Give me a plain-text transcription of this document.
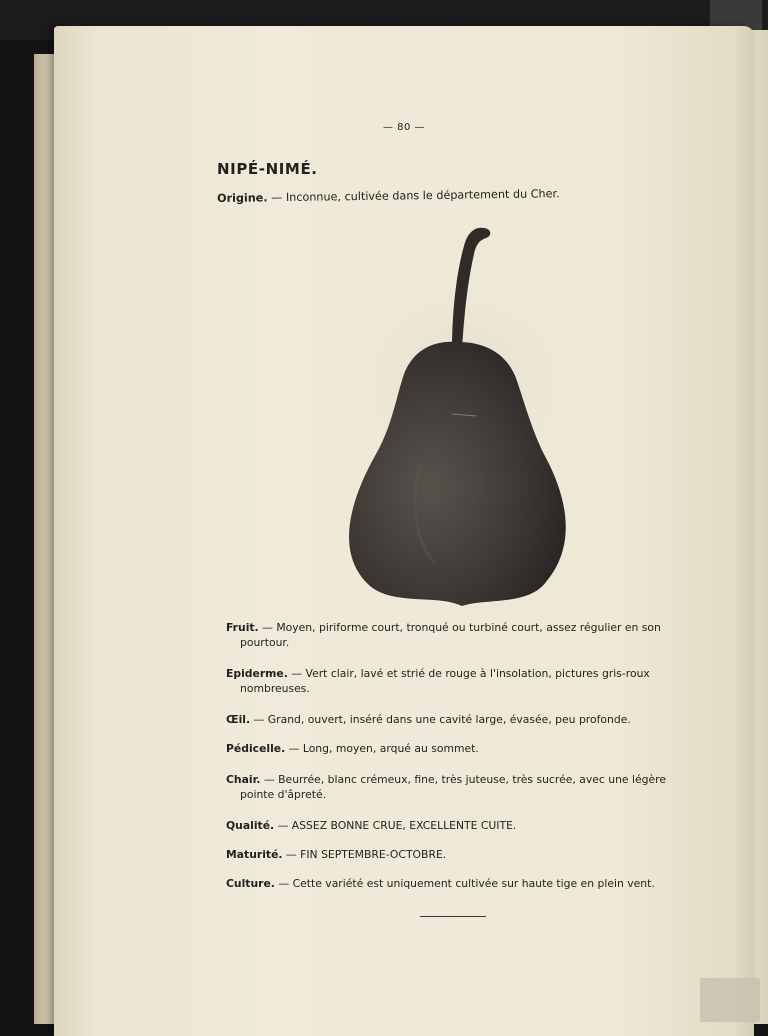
— 80 —
NIPÉ-NIMÉ.
Origine. — Inconnue, cultivée dans le département du Cher.

Fruit. — Moyen, piriforme court, tronqué ou turbiné court, assez régulier en son pourtour.

Epiderme. — Vert clair, lavé et strié de rouge à l'insolation, pictures gris-roux nombreuses.

Œil. — Grand, ouvert, inséré dans une cavité large, évasée, peu profonde.

Pédicelle. — Long, moyen, arqué au sommet.

Chair. — Beurrée, blanc crémeux, fine, très juteuse, très sucrée, avec une légère pointe d'âpreté.

Qualité. — ASSEZ BONNE CRUE, EXCELLENTE CUITE.

Maturité. — FIN SEPTEMBRE-OCTOBRE.

Culture. — Cette variété est uniquement cultivée sur haute tige en plein vent.
